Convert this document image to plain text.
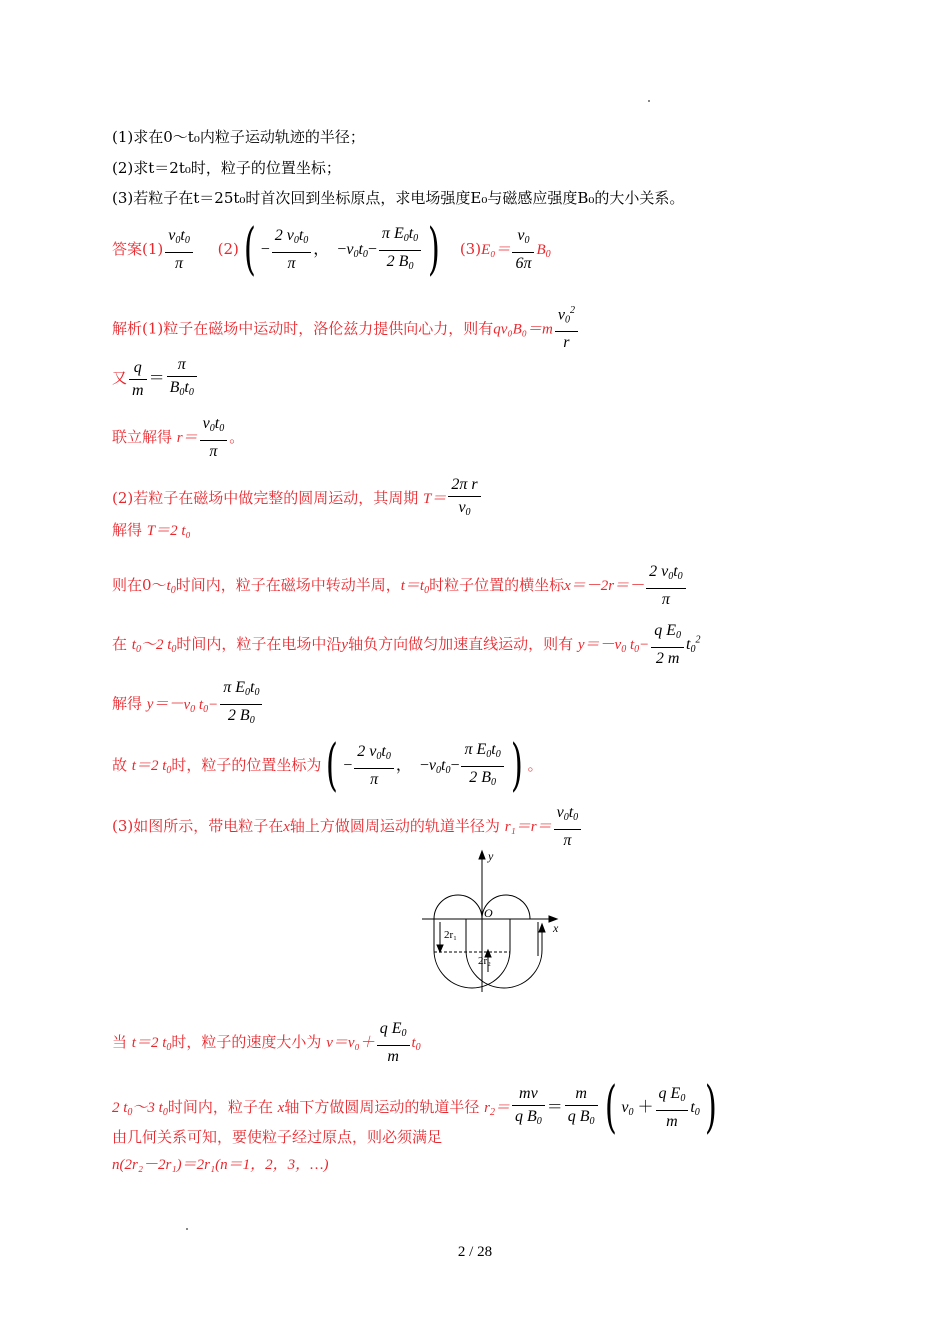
(1)求在0～t₀内粒子运动轨迹的半径；
(2)求t＝2t₀时，粒子的位置坐标；
(3)若粒子在t＝25t₀时首次回到坐标原点，求电场强度E₀与磁感应强度B₀的大小关系。
答案$(1) \frac{v_0t_0}{\pi} (2)( - \frac{2 v_0t_0}{\pi}$ ，  $-v_0t_0- \frac{\pi E_0t_0}{2 B_0}$ ) $(3)E_0= \frac{v_0}{6\pi} B_0$
解析(1)粒子在磁场中运动时，洛伦兹力提供向心力，则有$qv_0B_0=m \frac{v_0^2}{r}$
又 $\frac{q}{m} = \frac{\pi}{B_0t_0}$
联立解得 $r= \frac{v_0t_0}{\pi}$ 。
(2)若粒子在磁场中做完整的圆周运动，其周期 $T= \frac{\text{2π r}}{v_0}$
解得 T＝2 t₀
则在$0\sim t_0$时间内，粒子在磁场中转动半周，$t=t_0$时粒子位置的横坐标$x=-2r=- \frac{2 v_0t_0}{\pi}$
在 $t_0\sim 2$ $t_0$时间内，粒子在电场中沿y轴负方向做匀加速直线运动，则有 $y=-v_0$ $t_0- \frac{q E_0}{2 m} t_0^2$
解得 $y=-v_0$ $t_0- \frac{\pi E_0t_0}{2 B_0}$
故 t＝2 $t_0$时，粒子的位置坐标为( − $\frac{2 v_0t_0}{\pi}$ ，  $-v_0t_0- \frac{\pi E_0t_0}{2 B_0}$ ) 。
(3)如图所示，带电粒子在x轴上方做圆周运动的轨道半径为 $r_1=r= \frac{v_0t_0}{\pi}$
y
x
O
2r₁
2r₂
当 t＝2 $t_0$时，粒子的速度大小为 $v=v_0+ \frac{q E_0}{m} t_0$
2 $t_0\sim 3$ $t_0$时间内，粒子在 x轴下方做圆周运动的轨道半径 $r_2= \frac{mv}{q B_0} = \frac{m}{q B_0}$ ( $v_0 + \frac{q E_0}{m} t_0$)
由几何关系可知，要使粒子经过原点，则必须满足
n(2r₂－2r₁)＝2r₁(n＝1，2，3，…)
2 / 28
